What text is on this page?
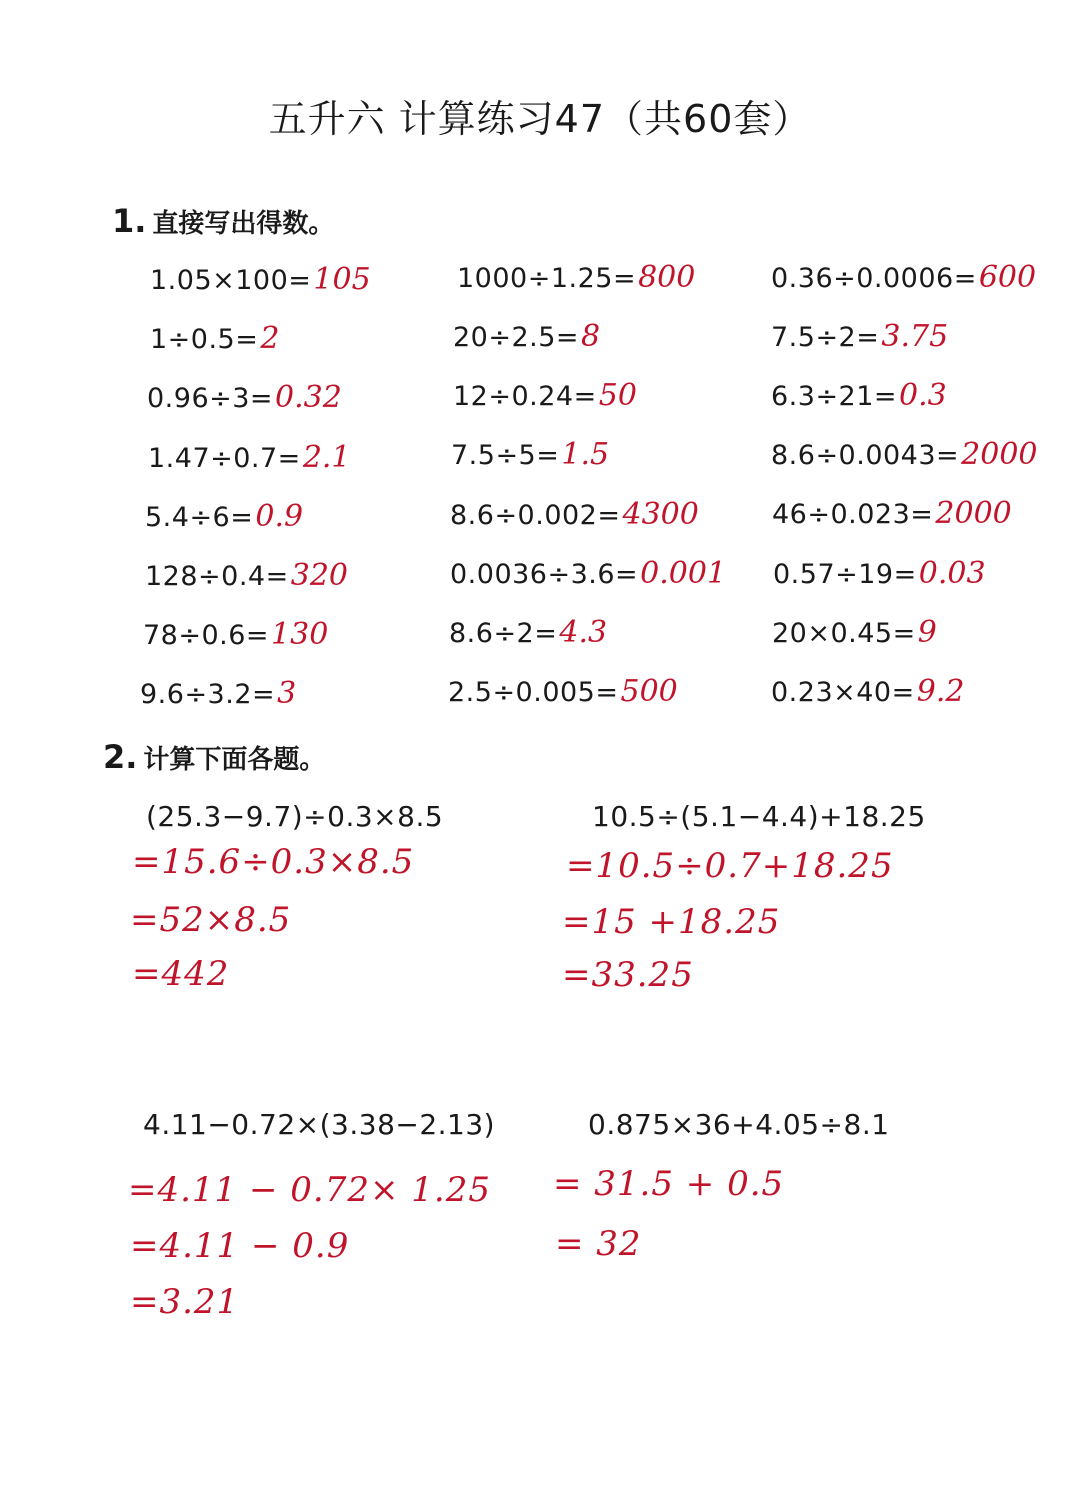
五升六 计算练习47（共60套）
1. 直接写出得数。
1.05×100= 105
1÷0.5= 2
0.96÷3= 0.32
1.47÷0.7= 2.1
5.4÷6= 0.9
128÷0.4= 320
78÷0.6= 130
9.6÷3.2= 3
1000÷1.25= 800
20÷2.5= 8
12÷0.24= 50
7.5÷5= 1.5
8.6÷0.002= 4300
0.0036÷3.6= 0.001
8.6÷2= 4.3
2.5÷0.005= 500
0.36÷0.0006= 600
7.5÷2= 3.75
6.3÷21= 0.3
8.6÷0.0043= 2000
46÷0.023= 2000
0.57÷19= 0.03
20×0.45= 9
0.23×40= 9.2
2. 计算下面各题。
(25.3−9.7)÷0.3×8.5
=15.6÷0.3×8.5
=52×8.5
=442
10.5÷(5.1−4.4)+18.25
=10.5÷0.7+18.25
=15 +18.25
=33.25
4.11−0.72×(3.38−2.13)
=4.11 − 0.72× 1.25
=4.11 − 0.9
=3.21
0.875×36+4.05÷8.1
= 31.5 + 0.5
= 32
